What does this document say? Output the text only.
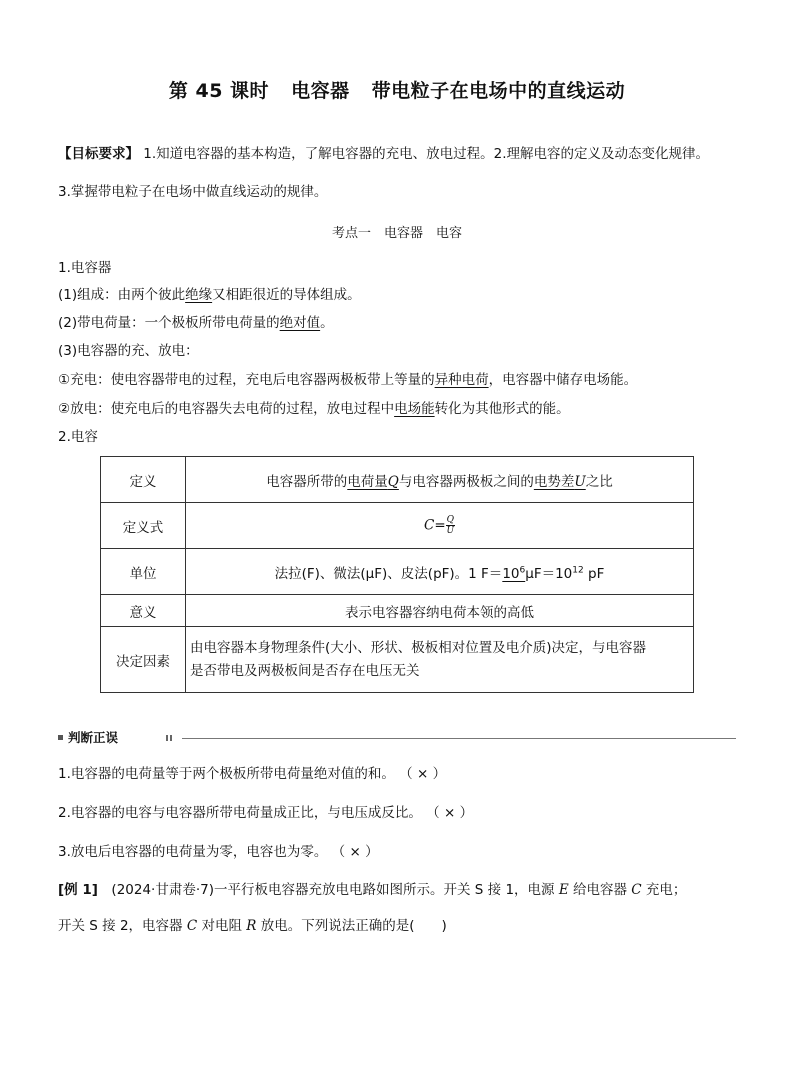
第 45 课时 电容器 带电粒子在电场中的直线运动
【目标要求】 1.知道电容器的基本构造，了解电容器的充电、放电过程。2.理解电容的定义及动态变化规律。
3.掌握带电粒子在电场中做直线运动的规律。
考点一　电容器　电容
1.电容器
(1)组成：由两个彼此绝缘又相距很近的导体组成。
(2)带电荷量：一个极板所带电荷量的绝对值。
(3)电容器的充、放电：
①充电：使电容器带电的过程，充电后电容器两极板带上等量的异种电荷，电容器中储存电场能。
②放电：使充电后的电容器失去电荷的过程，放电过程中电场能转化为其他形式的能。
2.电容
定义	电容器所带的电荷量Q与电容器两极板之间的电势差U之比
定义式	$C= \frac{Q}{U}$

单位	法拉(F)、微法(μF)、皮法(pF)。1 $F=10^6\mu F=10^{12}$ pF
意义	表示电容器容纳电荷本领的高低
决定因素	由电容器本身物理条件(大小、形状、极板相对位置及电介质)决定，与电容器
是否带电及两极板间是否存在电压无关
判断正误
1.电容器的电荷量等于两个极板所带电荷量绝对值的和。 （ × ）
2.电容器的电容与电容器所带电荷量成正比，与电压成反比。 （ × ）
3.放电后电容器的电荷量为零，电容也为零。 （ × ）
[例 1]　(2024·甘肃卷·7)一平行板电容器充放电电路如图所示。开关 S 接 1，电源 E 给电容器 C 充电；
开关 S 接 2，电容器 C 对电阻 R 放电。下列说法正确的是(　　)
